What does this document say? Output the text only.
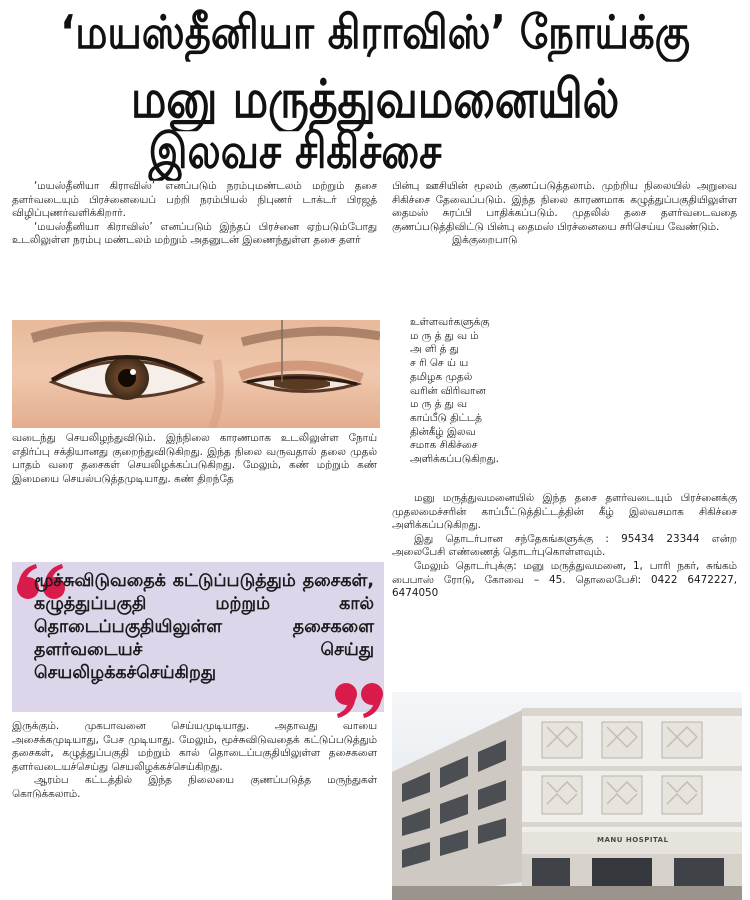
‘மயஸ்தீனியா கிராவிஸ்’ நோய்க்கு
மனு மருத்துவமனையில்
இலவச சிகிச்சை

‘மயஸ்தீனியா கிராவிஸ்’ எனப்படும் நரம்புமண்டலம் மற்றும் தசை தளர்வடையும் பிரச்னையைப் பற்றி நரம்பியல் நிபுணர் டாக்டர் பிரஜத் விழிப்புணர்வளிக்கிறார்.

‘மயஸ்தீனியா கிராவிஸ்’ எனப்படும் இந்தப் பிரச்னை ஏற்படும்போது உடலிலுள்ள நரம்பு மண்டலம் மற்றும் அதனுடன் இணைந்துள்ள தசை தளர்

வடைந்து செயலிழந்துவிடும். இந்நிலை காரணமாக உடலிலுள்ள நோய் எதிர்ப்பு சக்தியானது குறைந்துவிடுகிறது. இந்த நிலை வருவதால் தலை முதல் பாதம் வரை தசைகள் செயலிழக்கப்படுகிறது. மேலும், கண் மற்றும் கண் இமையை செயல்படுத்தமுடியாது. கண் திறந்தே

மூச்சுவிடுவதைக் கட்டுப்படுத்தும் தசைகள், கழுத்துப்பகுதி மற்றும் கால் தொடைப்பகுதியிலுள்ள தசைகளை தளர்வடையச் செய்து செயலிழக்கச்செய்கிறது

இருக்கும். முகபாவனை செய்யமுடியாது. அதாவது வாயை அசைக்கமுடியாது, பேச முடியாது. மேலும், மூச்சுவிடுவதைக் கட்டுப்படுத்தும் தசைகள், கழுத்துப்பகுதி மற்றும் கால் தொடைப்பகுதியிலுள்ள தசைகளை தளர்வடையச்செய்து செயலிழக்கச்செய்கிறது.

ஆரம்ப கட்டத்தில் இந்த நிலையை குணப்படுத்த மருந்துகள் கொடுக்கலாம்.

பின்பு ஊசியின் மூலம் குணப்படுத்தலாம். முற்றிய நிலையில் அறுவை சிகிச்சை தேவைப்படும். இந்த நிலை காரணமாக கழுத்துப்பகுதியிலுள்ள தைமஸ் சுரப்பி பாதிக்கப்படும். முதலில் தசை தளர்வடைவதை குணப்படுத்திவிட்டு பின்பு தைமஸ் பிரச்னையை சரிசெய்ய வேண்டும்.

இக்குறைபாடு

உள்ளவர்களுக்கு
ம ரு த் து வ ம்
அ ளி த் து
ச ரி செ ய் ய
தமிழக முதல்
வரின் விரிவான
ம ரு த் து வ
காப்பீடு திட்டத்
தின்கீழ் இலவ
சமாக சிகிச்சை
அளிக்கப்படுகிறது.

மனு மருத்துவமனையில் இந்த தசை தளர்வடையும் பிரச்னைக்கு முதலமைச்சரின் காப்பீட்டுத்திட்டத்தின் கீழ் இலவசமாக சிகிச்சை அளிக்கப்படுகிறது.

இது தொடர்பான சந்தேகங்களுக்கு : 95434 23344 என்ற அலைபேசி எண்ணைத் தொடர்புகொள்ளவும்.

மேலும் தொடர்புக்கு: மனு மருத்துவமனை, 1, பாரி நகர், சுங்கம் பைபாஸ் ரோடு, கோவை – 45. தொலைபேசி: 0422 6472227, 6474050

MANU HOSPITAL
